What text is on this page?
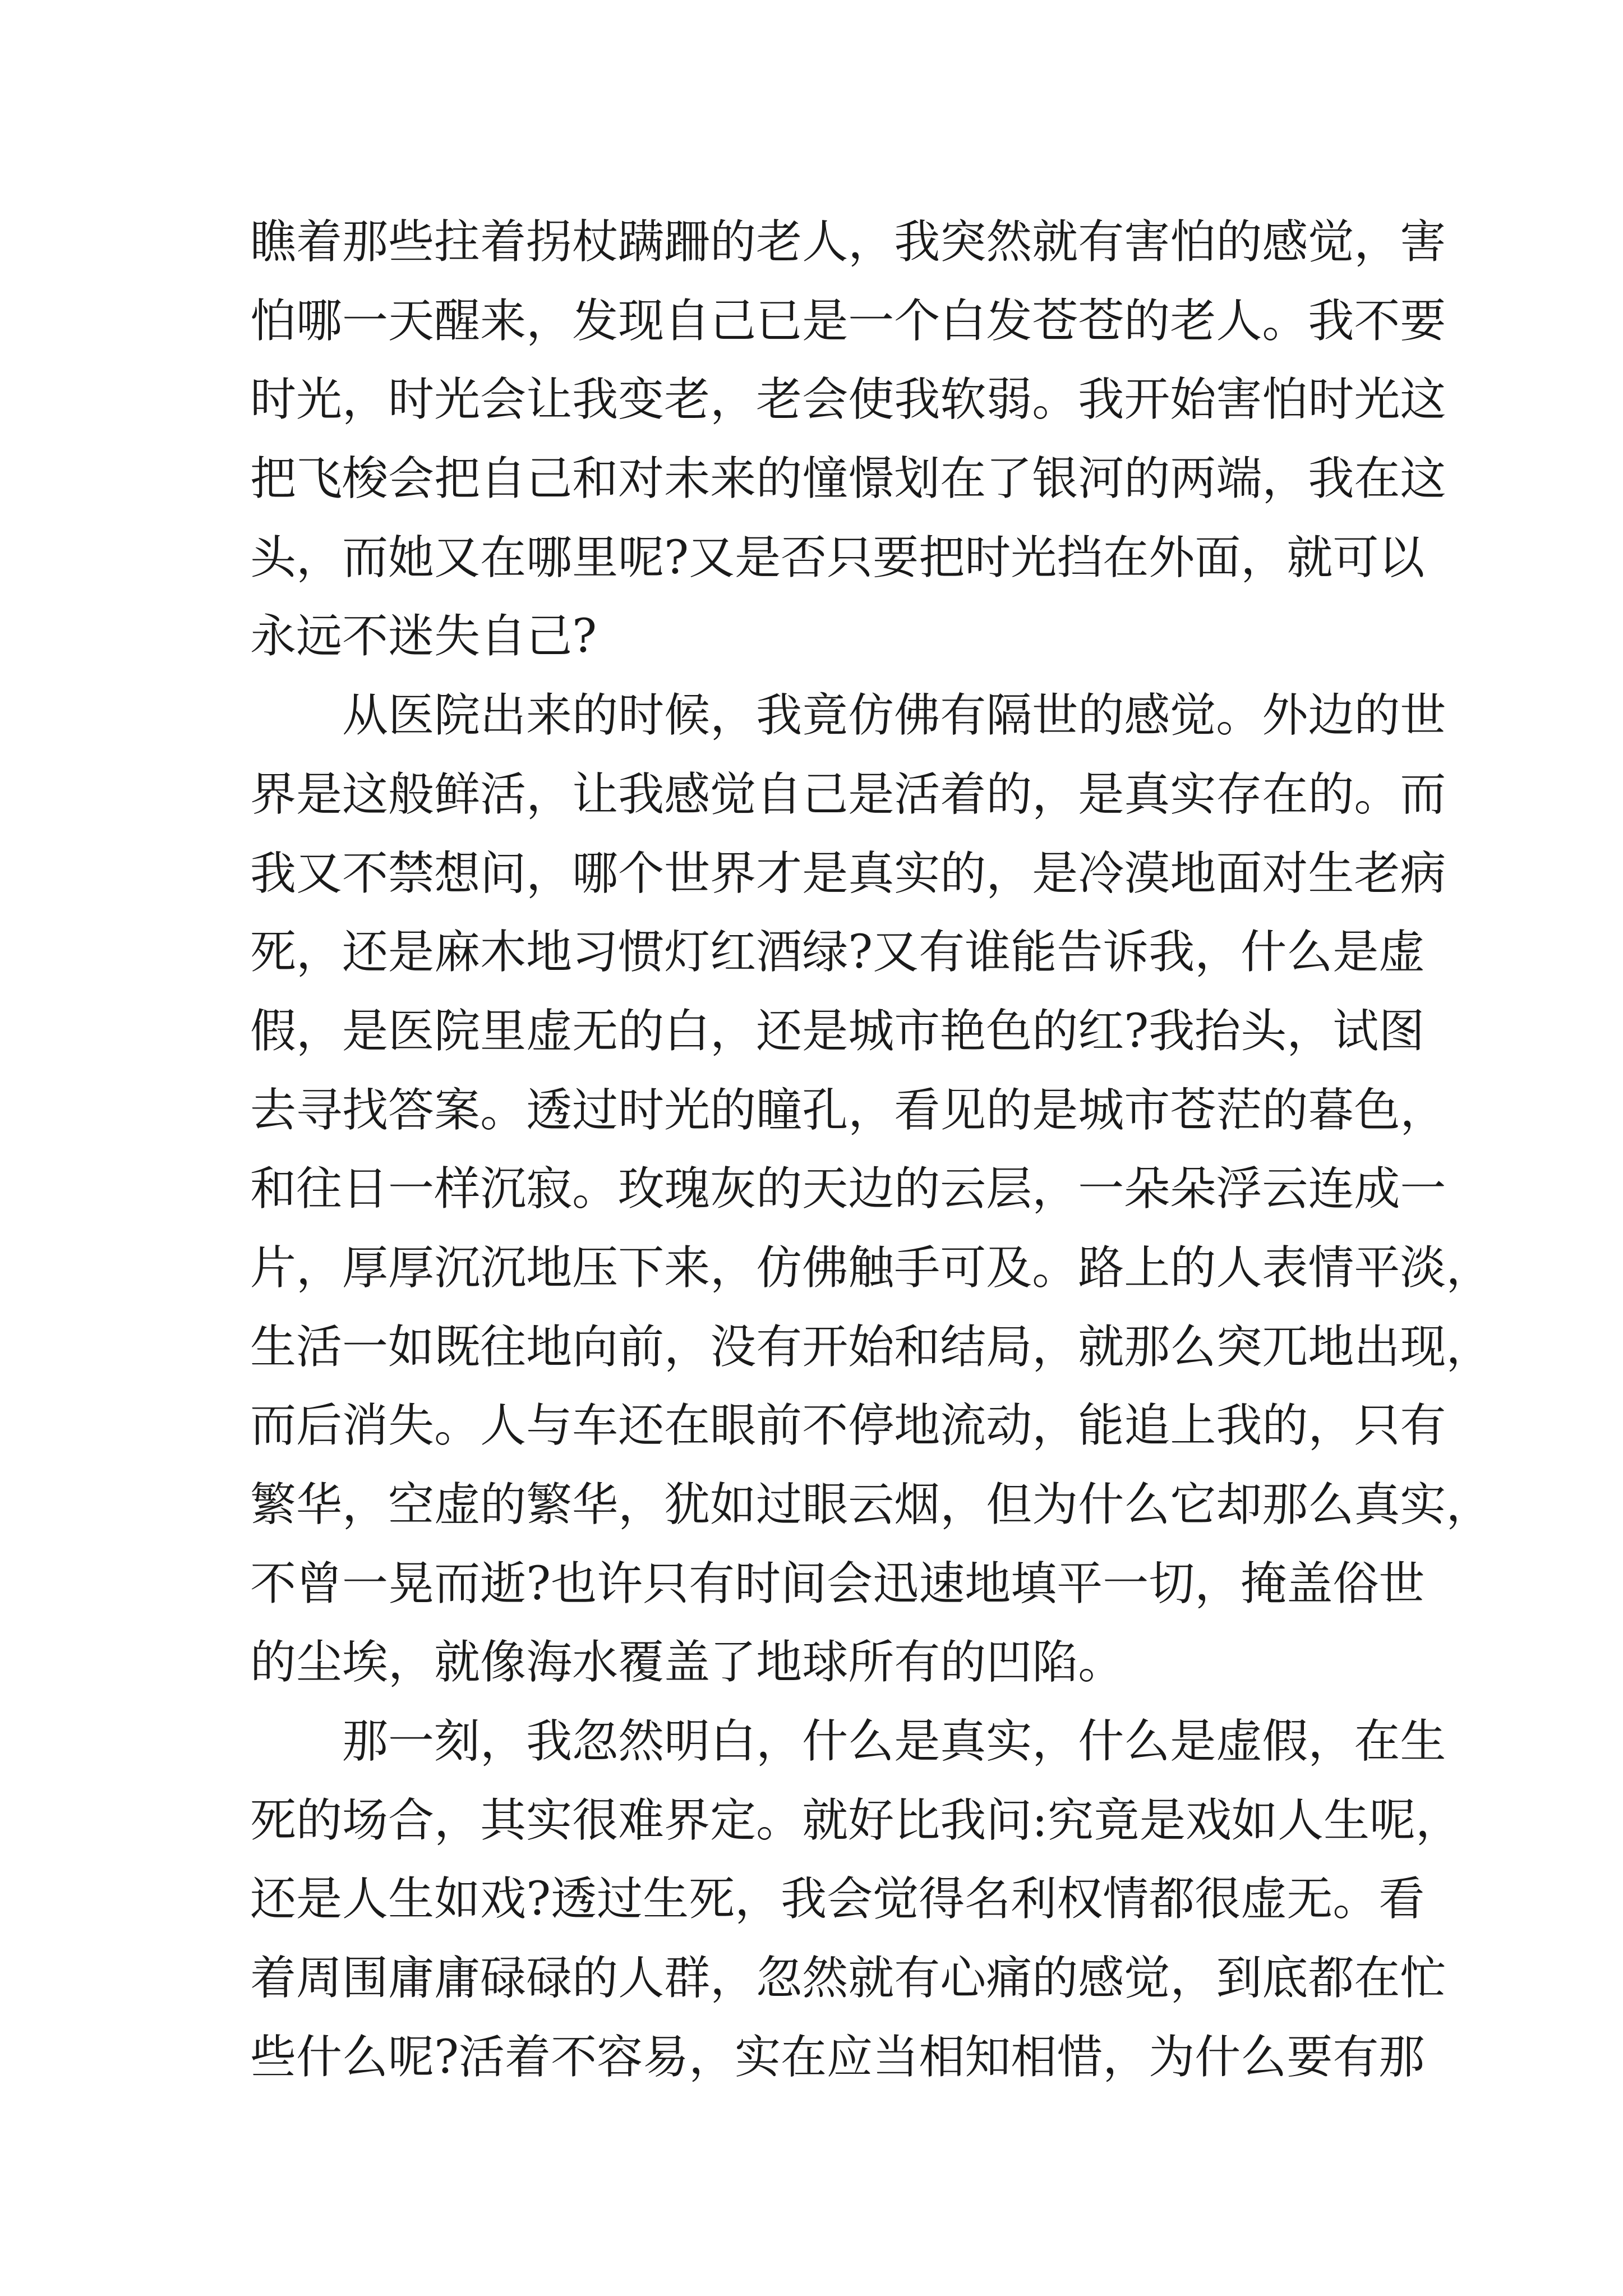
瞧 着 那 些 拄 着 拐 杖 蹒 跚 的 老 人 ， 我 突 然 就 有 害 怕 的 感 觉 ， 害
怕 哪 一 天 醒 来 ， 发 现 自 己 已 是 一 个 白 发 苍 苍 的 老 人 。 我 不 要
时 光 ， 时 光 会 让 我 变 老 ， 老 会 使 我 软 弱 。 我 开 始 害 怕 时 光 这
把 飞 梭 会 把 自 己 和 对 未 来 的 憧 憬 划 在 了 银 河 的 两 端 ， 我 在 这
头 ， 而 她 又 在 哪 里 呢 ? 又 是 否 只 要 把 时 光 挡 在 外 面 ， 就 可 以
永 远 不 迷 失 自 己 ?
从 医 院 出 来 的 时 候 ， 我 竟 仿 佛 有 隔 世 的 感 觉 。 外 边 的 世
界 是 这 般 鲜 活 ， 让 我 感 觉 自 己 是 活 着 的 ， 是 真 实 存 在 的 。 而
我 又 不 禁 想 问 ， 哪 个 世 界 才 是 真 实 的 ， 是 冷 漠 地 面 对 生 老 病
死 ， 还 是 麻 木 地 习 惯 灯 红 酒 绿 ? 又 有 谁 能 告 诉 我 ， 什 么 是 虚
假 ， 是 医 院 里 虚 无 的 白 ， 还 是 城 市 艳 色 的 红 ? 我 抬 头 ， 试 图
去 寻 找 答 案 。 透 过 时 光 的 瞳 孔 ， 看 见 的 是 城 市 苍 茫 的 暮 色 ，
和 往 日 一 样 沉 寂 。 玫 瑰 灰 的 天 边 的 云 层 ， 一 朵 朵 浮 云 连 成 一
片 ， 厚 厚 沉 沉 地 压 下 来 ， 仿 佛 触 手 可 及 。 路 上 的 人 表 情 平 淡 ，
生 活 一 如 既 往 地 向 前 ， 没 有 开 始 和 结 局 ， 就 那 么 突 兀 地 出 现 ，
而 后 消 失 。 人 与 车 还 在 眼 前 不 停 地 流 动 ， 能 追 上 我 的 ， 只 有
繁 华 ， 空 虚 的 繁 华 ， 犹 如 过 眼 云 烟 ， 但 为 什 么 它 却 那 么 真 实 ，
不 曾 一 晃 而 逝 ? 也 许 只 有 时 间 会 迅 速 地 填 平 一 切 ， 掩 盖 俗 世
的 尘 埃 ， 就 像 海 水 覆 盖 了 地 球 所 有 的 凹 陷 。
那 一 刻 ， 我 忽 然 明 白 ， 什 么 是 真 实 ， 什 么 是 虚 假 ， 在 生
死 的 场 合 ， 其 实 很 难 界 定 。 就 好 比 我 问 : 究 竟 是 戏 如 人 生 呢 ，
还 是 人 生 如 戏 ? 透 过 生 死 ， 我 会 觉 得 名 利 权 情 都 很 虚 无 。 看
着 周 围 庸 庸 碌 碌 的 人 群 ， 忽 然 就 有 心 痛 的 感 觉 ， 到 底 都 在 忙
些 什 么 呢 ? 活 着 不 容 易 ， 实 在 应 当 相 知 相 惜 ， 为 什 么 要 有 那
